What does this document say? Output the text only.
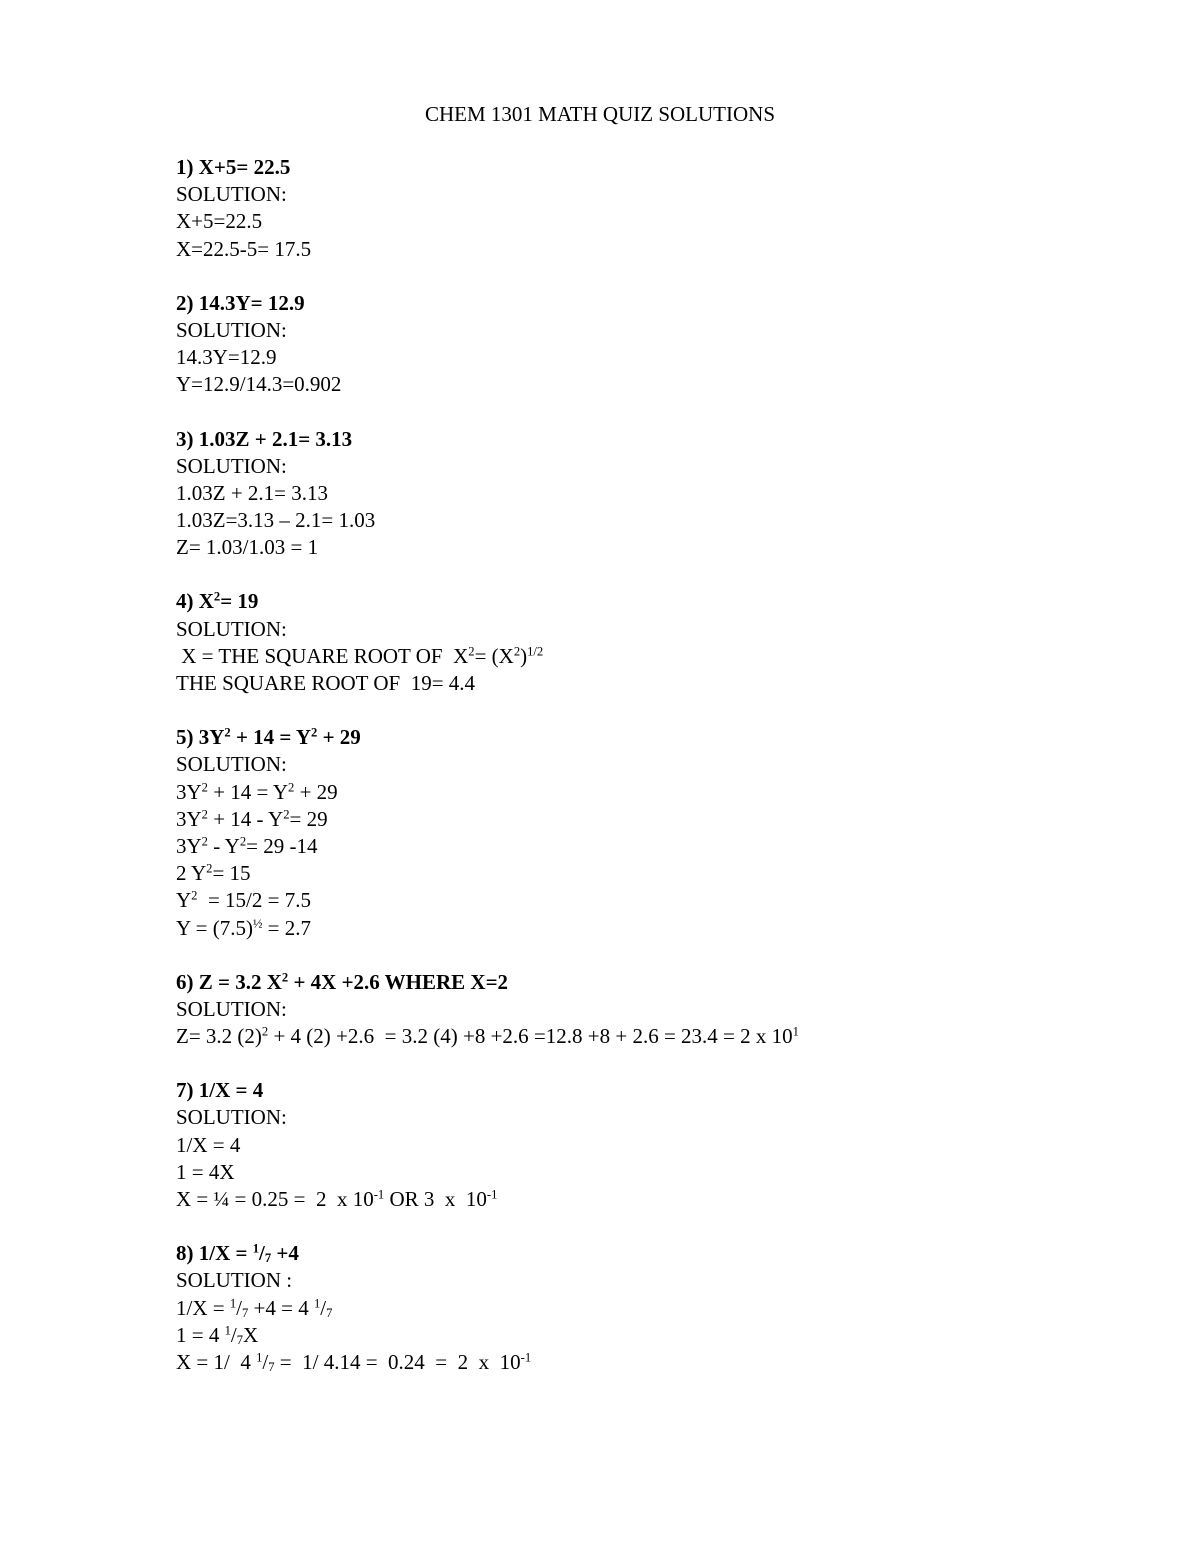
CHEM 1301 MATH QUIZ SOLUTIONS
1) X+5= 22.5
SOLUTION:
X+5=22.5
X=22.5-5= 17.5
2) 14.3Y= 12.9
SOLUTION:
14.3Y=12.9
Y=12.9/14.3=0.902
3) 1.03Z + 2.1= 3.13
SOLUTION:
1.03Z + 2.1= 3.13
1.03Z=3.13 – 2.1= 1.03
Z= 1.03/1.03 = 1
4) $X^2= 19$
SOLUTION:
X = THE SQUARE ROOT OF  $X^2= (X^2)^{1/2}$
THE SQUARE ROOT OF  19= 4.4
5) $3Y^2 + 14 = Y^2 + 29$
SOLUTION:
$3Y^2 + 14 = Y^2 + 29$
$3Y^2 + 14 - Y^2= 29$
$3Y^2 - Y^2= 29$ -14
2 $Y^2= 15$
$Y^2 = 15/2 = 7.5$
$Y = (7.5)^{\frac{1}{2}} = 2.7$
6) Z = 3.2 $X^2 + 4X +2.6$ WHERE X=2
SOLUTION:
Z= 3.2 $(2)^2 + 4$ (2) +2.6  = 3.2 (4) +8 +2.6 =12.8 +8 + 2.6 = 23.4 = 2 x $10^1$
7) 1/X = 4
SOLUTION:
1/X = 4
1 = 4X
X = ¼ = 0.25 =  2  x $10^{-1}$ OR 3  x  $10^{-1}$
8) $1/X = ^1/_7 +4$
SOLUTION :
$1/X = ^1/_7 +4 = 4$ $^1/_7$
1 = 4 $^1/_7X$
X = 1/  4 $^1/_7 = 1/$ 4.14 =  0.24  =  2  x  $10^{-1}$
